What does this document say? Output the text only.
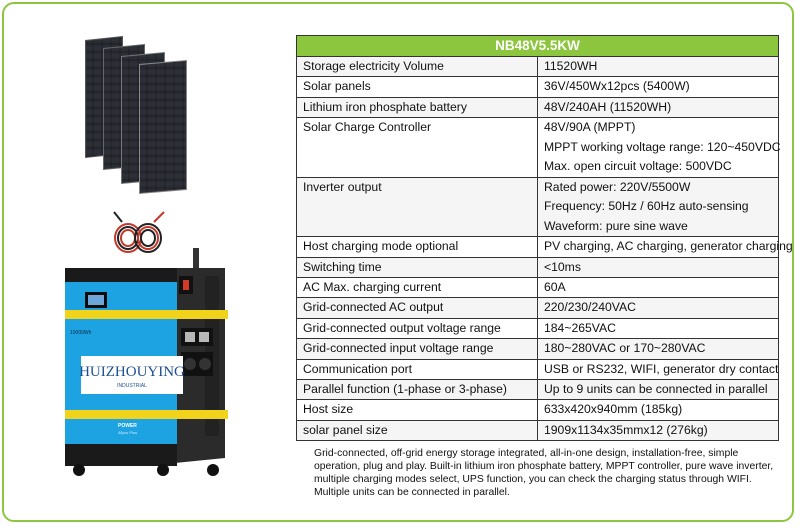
HUIZHOUYING
INDUSTRIAL
10000Wh
POWER
48pro Plus
NB48V5.5KW	
Storage electricity Volume	11520WH
Solar panels	36V/450Wx12pcs (5400W)
Lithium iron phosphate battery	48V/240AH (11520WH)
Solar Charge Controller	48V/90A (MPPT)
MPPT working voltage range: 120~450VDC
Max. open circuit voltage: 500VDC

Inverter output	Rated power: 220V/5500W
Frequency: 50Hz / 60Hz auto-sensing
Waveform: pure sine wave

Host charging mode optional	PV charging, AC charging, generator charging
Switching time	<10ms
AC Max. charging current	60A
Grid-connected AC output	220/230/240VAC
Grid-connected output voltage range	184~265VAC
Grid-connected input voltage range	180~280VAC or 170~280VAC
Communication port	USB or RS232, WIFI, generator dry contact
Parallel function (1-phase or 3-phase)	Up to 9 units can be connected in parallel
Host size	633x420x940mm (185kg)
solar panel size	1909x1134x35mmx12 (276kg)
Grid-connected, off-grid energy storage integrated, all-in-one design, installation-free, simple operation, plug and play. Built-in lithium iron phosphate battery, MPPT controller, pure wave inverter, multiple charging modes select, UPS function, you can check the charging status through WIFI. Multiple units can be connected in parallel.
